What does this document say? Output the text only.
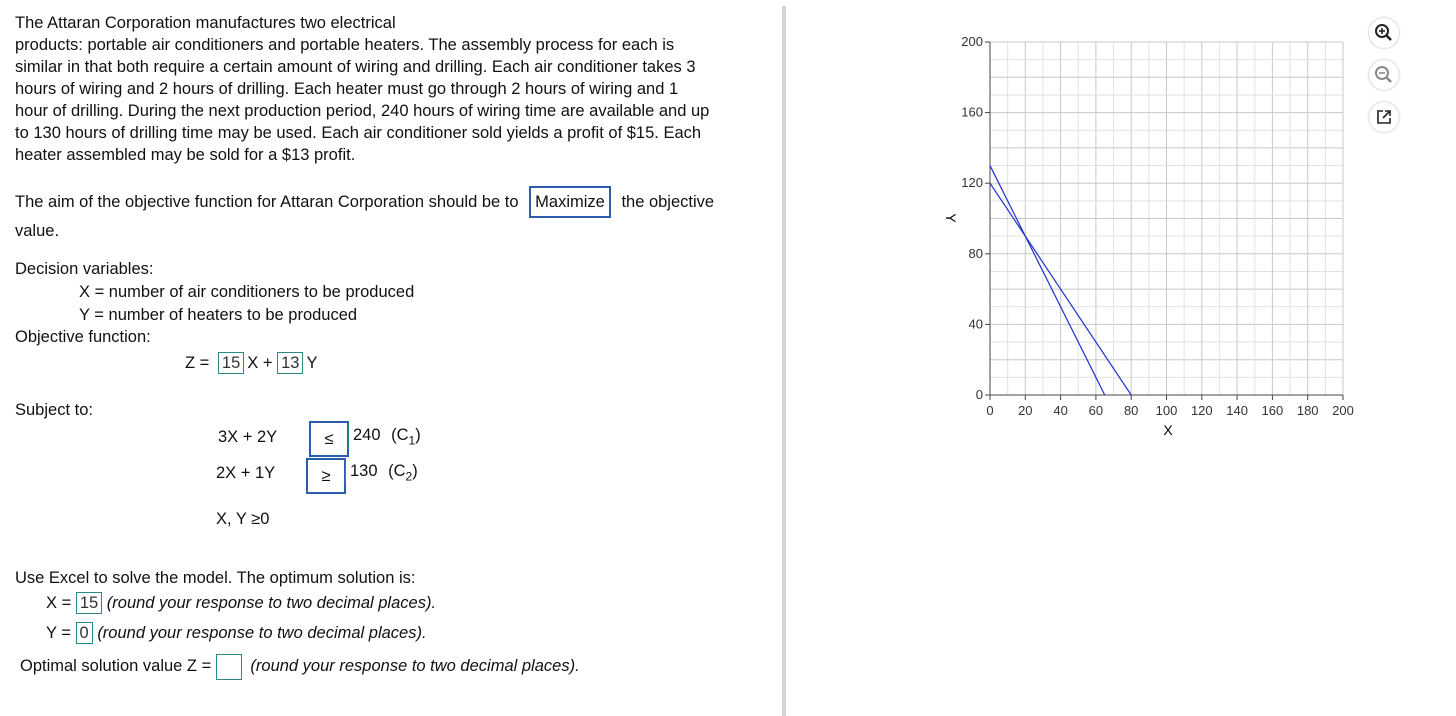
The Attaran Corporation manufactures two electrical
products: portable air conditioners and portable heaters. The assembly process for each is
similar in that both require a certain amount of wiring and drilling. Each air conditioner takes 3
hours of wiring and 2 hours of drilling. Each heater must go through 2 hours of wiring and 1
hour of drilling. During the next production period, 240 hours of wiring time are available and up
to 130 hours of drilling time may be used. Each air conditioner sold yields a profit of $15. Each
heater assembled may be sold for a $13 profit.
The aim of the objective function for Attaran Corporation should be to Maximize the objective
value.
Decision variables:
X = number of air conditioners to be produced
Y = number of heaters to be produced
Objective function:
Z = 15 X + 13 Y
Subject to:
3X + 2Y	≤	240 $(C_1)$
2X + 1Y	≥	130 $(C_2)$
X, Y ≥0
Use Excel to solve the model. The optimum solution is:
X = 15 (round your response to two decimal places).
Y = 0 (round your response to two decimal places).
Optimal solution value Z = (round your response to two decimal places).
0 20 40 60 80 100 120 140 160 180 200
0
40
80
120
160
200
X
Y
